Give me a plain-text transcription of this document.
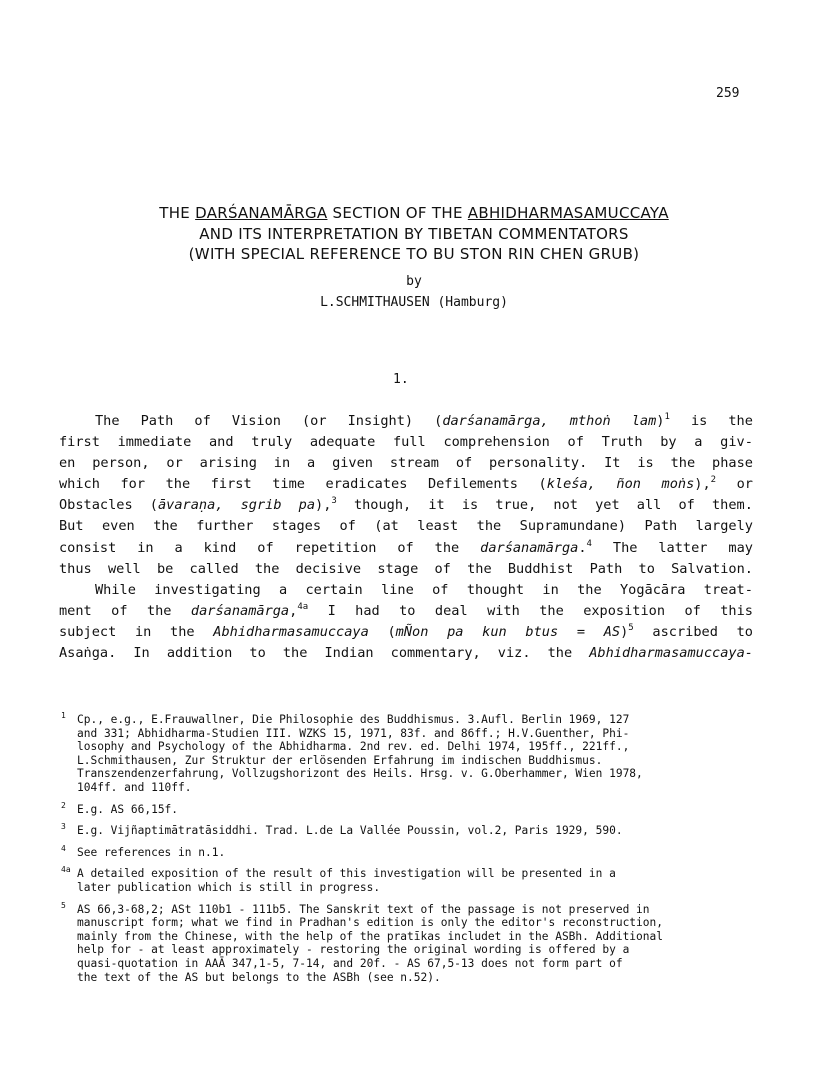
259
THE DARŚANAMĀRGA SECTION OF THE ABHIDHARMASAMUCCAYA
AND ITS INTERPRETATION BY TIBETAN COMMENTATORS
(WITH SPECIAL REFERENCE TO BU STON RIN CHEN GRUB)
by
L.SCHMITHAUSEN (Hamburg)
1.
The Path of Vision (or Insight) (darśanamārga, mthoṅ lam)$^1$ is the
first immediate and truly adequate full comprehension of Truth by a giv-
en person, or arising in a given stream of personality. It is the phase
which for the first time eradicates Defilements (kleśa, ñon moṅs),$^2$ or
Obstacles (āvaraṇa, sgrib pa),$^3$ though, it is true, not yet all of them.
But even the further stages of (at least the Supramundane) Path largely
consist in a kind of repetition of the darśanamārga.$^4$ The latter may
thus well be called the decisive stage of the Buddhist Path to Salvation.
While investigating a certain line of thought in the Yogācāra treat-
ment of the darśanamārga,$^{4a}$ I had to deal with the exposition of this
subject in the Abhidharmasamuccaya (mÑon pa kun btus = AS)$^5$ ascribed to
Asaṅga. In addition to the Indian commentary, viz. the Abhidharmasamuccaya-
1 Cp., e.g., E.Frauwallner, Die Philosophie des Buddhismus. 3.Aufl. Berlin 1969, 127
and 331; Abhidharma-Studien III. WZKS 15, 1971, 83f. and 86ff.; H.V.Guenther, Phi-
losophy and Psychology of the Abhidharma. 2nd rev. ed. Delhi 1974, 195ff., 221ff.,
L.Schmithausen, Zur Struktur der erlösenden Erfahrung im indischen Buddhismus.
Transzendenzerfahrung, Vollzugshorizont des Heils. Hrsg. v. G.Oberhammer, Wien 1978,
104ff. and 110ff.
2 E.g. AS 66,15f.
3 E.g. Vijñaptimātratāsiddhi. Trad. L.de La Vallée Poussin, vol.2, Paris 1929, 590.
4 See references in n.1.
4a A detailed exposition of the result of this investigation will be presented in a
later publication which is still in progress.
5 AS 66,3-68,2; ASt 110b1 - 111b5. The Sanskrit text of the passage is not preserved in
manuscript form; what we find in Pradhan's edition is only the editor's reconstruction,
mainly from the Chinese, with the help of the pratīkas includet in the ASBh. Additional
help for - at least approximately - restoring the original wording is offered by a
quasi-quotation in AAĀ 347,1-5, 7-14, and 20f. - AS 67,5-13 does not form part of
the text of the AS but belongs to the ASBh (see n.52).
